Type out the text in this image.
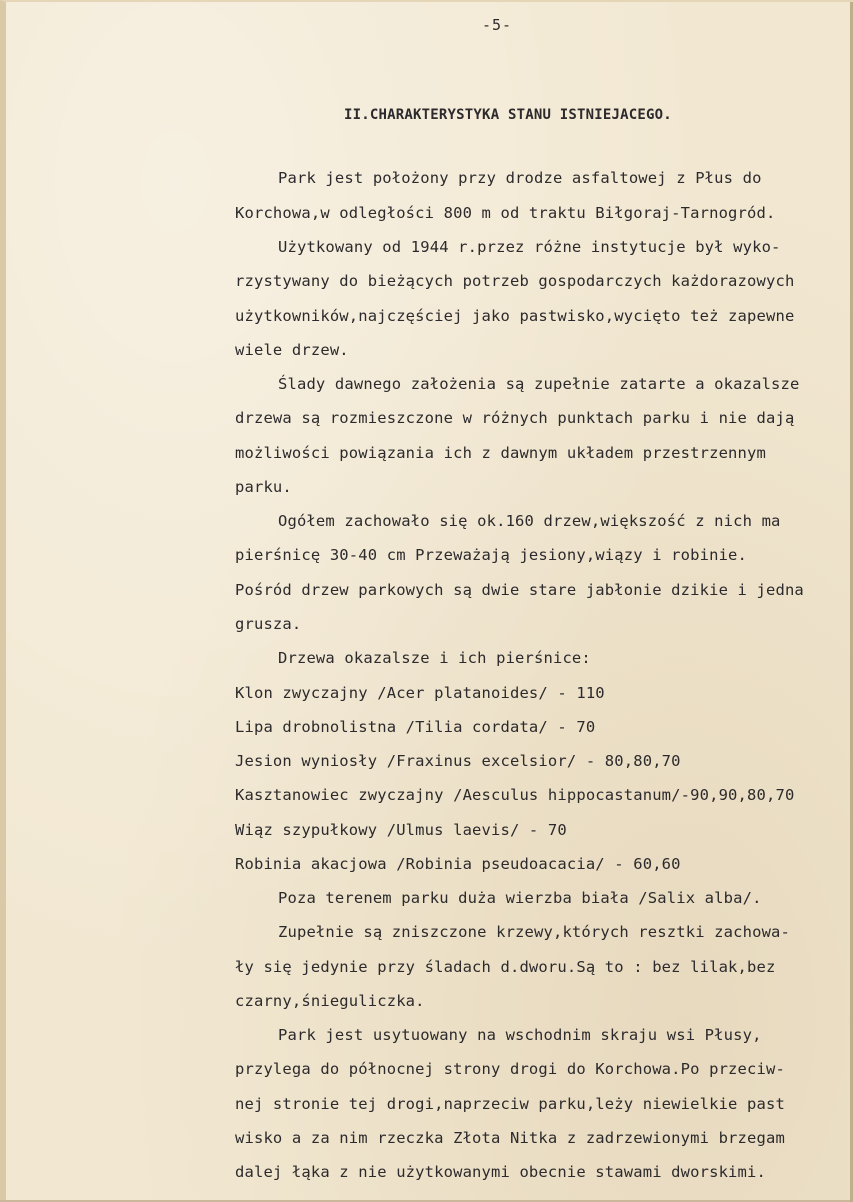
-5-
II.CHARAKTERYSTYKA STANU ISTNIEJACEGO.
Park jest położony przy drodze asfaltowej z Płus do
Korchowa,w odległości 800 m od traktu Biłgoraj-Tarnogród.
Użytkowany od 1944 r.przez różne instytucje był wyko-
rzystywany do bieżących potrzeb gospodarczych każdorazowych
użytkowników,najczęściej jako pastwisko,wycięto też zapewne
wiele drzew.
Ślady dawnego założenia są zupełnie zatarte a okazalsze
drzewa są rozmieszczone w różnych punktach parku i nie dają
możliwości powiązania ich z dawnym układem przestrzennym
parku.
Ogółem zachowało się ok.160 drzew,większość z nich ma
pierśnicę 30-40 cm Przeważają jesiony,wiązy i robinie.
Pośród drzew parkowych są dwie stare jabłonie dzikie i jedna
grusza.
Drzewa okazalsze i ich pierśnice:
Klon zwyczajny /Acer platanoides/ - 110
Lipa drobnolistna /Tilia cordata/ - 70
Jesion wyniosły /Fraxinus excelsior/ - 80,80,70
Kasztanowiec zwyczajny /Aesculus hippocastanum/-90,90,80,70
Wiąz szypułkowy /Ulmus laevis/ - 70
Robinia akacjowa /Robinia pseudoacacia/ - 60,60
Poza terenem parku duża wierzba biała /Salix alba/.
Zupełnie są zniszczone krzewy,których resztki zachowa-
ły się jedynie przy śladach d.dworu.Są to : bez lilak,bez
czarny,śnieguliczka.
Park jest usytuowany na wschodnim skraju wsi Płusy,
przylega do północnej strony drogi do Korchowa.Po przeciw-
nej stronie tej drogi,naprzeciw parku,leży niewielkie past
wisko a za nim rzeczka Złota Nitka z zadrzewionymi brzegam
dalej łąka z nie użytkowanymi obecnie stawami dworskimi.
